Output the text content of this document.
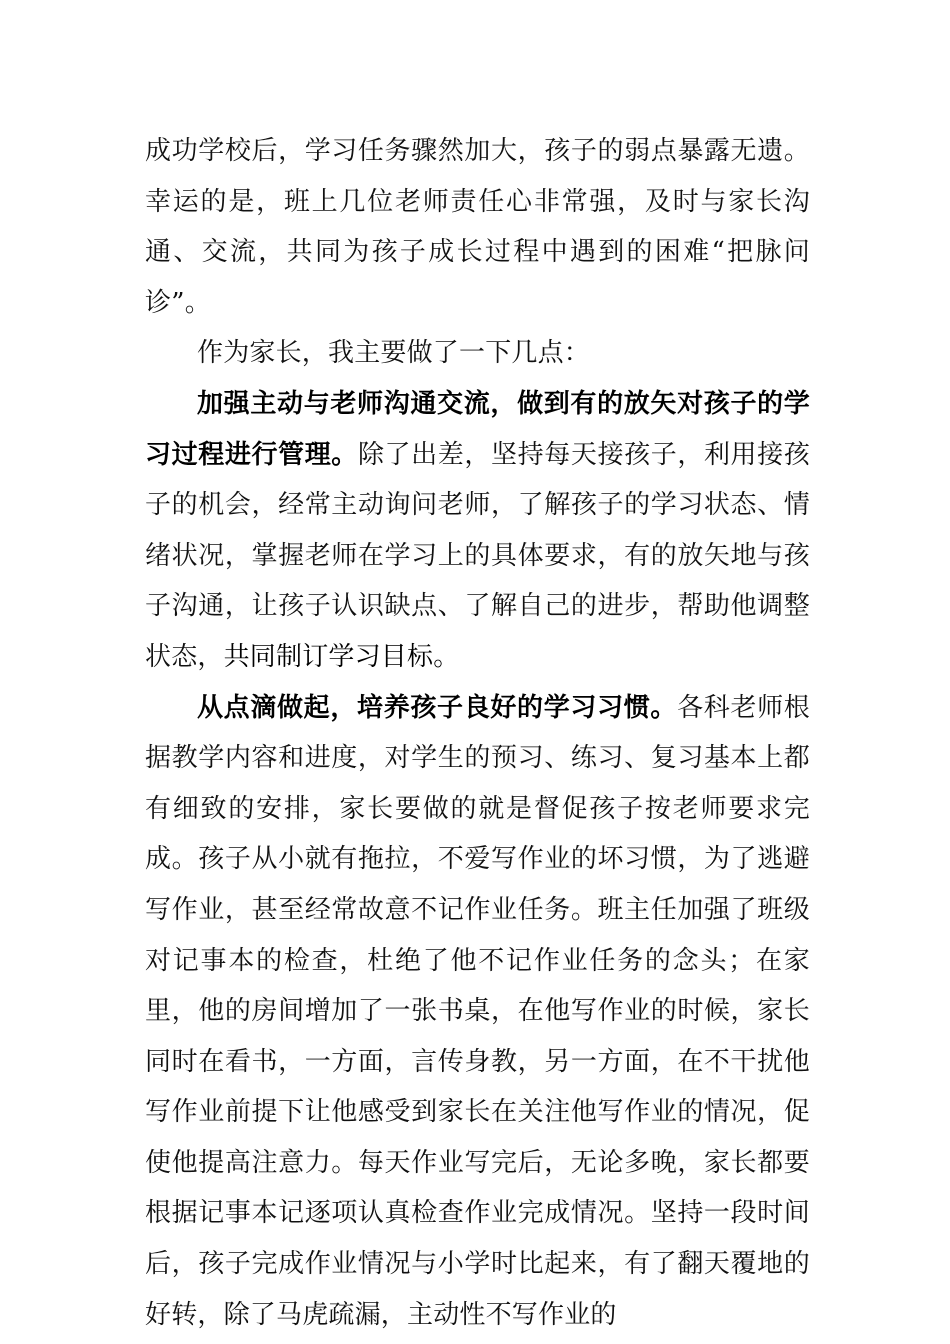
成功学校后，学习任务骤然加大，孩子的弱点暴露无遗。幸运的是，班上几位老师责任心非常强，及时与家长沟通、交流，共同为孩子成长过程中遇到的困难“把脉问诊”。

作为家长，我主要做了一下几点：

加强主动与老师沟通交流，做到有的放矢对孩子的学习过程进行管理。除了出差，坚持每天接孩子，利用接孩子的机会，经常主动询问老师，了解孩子的学习状态、情绪状况，掌握老师在学习上的具体要求，有的放矢地与孩子沟通，让孩子认识缺点、了解自己的进步，帮助他调整状态，共同制订学习目标。

从点滴做起，培养孩子良好的学习习惯。各科老师根据教学内容和进度，对学生的预习、练习、复习基本上都有细致的安排，家长要做的就是督促孩子按老师要求完成。孩子从小就有拖拉，不爱写作业的坏习惯，为了逃避写作业，甚至经常故意不记作业任务。班主任加强了班级对记事本的检查，杜绝了他不记作业任务的念头；在家里，他的房间增加了一张书桌，在他写作业的时候，家长同时在看书，一方面，言传身教，另一方面，在不干扰他写作业前提下让他感受到家长在关注他写作业的情况，促使他提高注意力。每天作业写完后，无论多晚，家长都要根据记事本记逐项认真检查作业完成情况。坚持一段时间后，孩子完成作业情况与小学时比起来，有了翻天覆地的好转，除了马虎疏漏，主动性不写作业的
